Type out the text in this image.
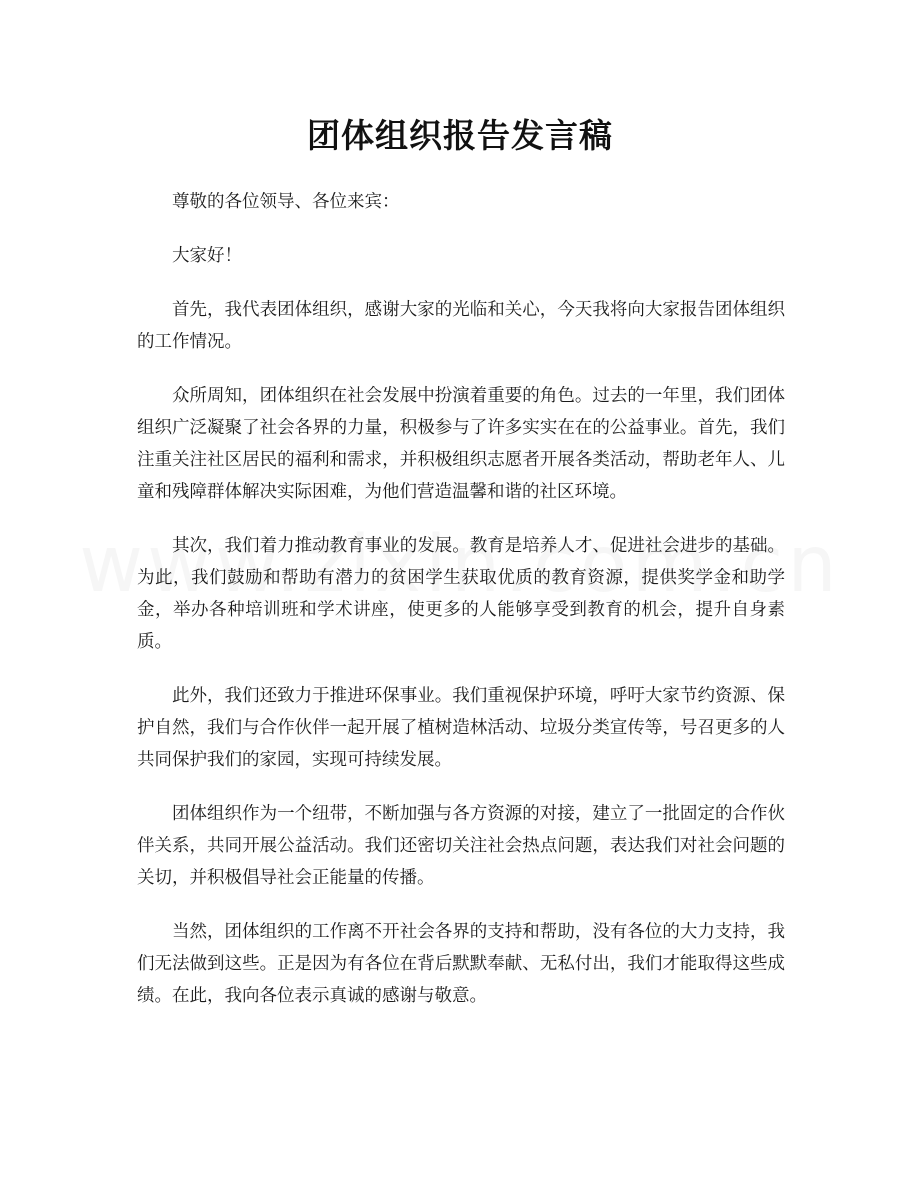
团体组织报告发言稿

尊敬的各位领导、各位来宾：

大家好！

首先，我代表团体组织，感谢大家的光临和关心，今天我将向大家报告团体组织的工作情况。

众所周知，团体组织在社会发展中扮演着重要的角色。过去的一年里，我们团体组织广泛凝聚了社会各界的力量，积极参与了许多实实在在的公益事业。首先，我们注重关注社区居民的福利和需求，并积极组织志愿者开展各类活动，帮助老年人、儿童和残障群体解决实际困难，为他们营造温馨和谐的社区环境。

其次，我们着力推动教育事业的发展。教育是培养人才、促进社会进步的基础。为此，我们鼓励和帮助有潜力的贫困学生获取优质的教育资源，提供奖学金和助学金，举办各种培训班和学术讲座，使更多的人能够享受到教育的机会，提升自身素质。

此外，我们还致力于推进环保事业。我们重视保护环境，呼吁大家节约资源、保护自然，我们与合作伙伴一起开展了植树造林活动、垃圾分类宣传等，号召更多的人共同保护我们的家园，实现可持续发展。

团体组织作为一个纽带，不断加强与各方资源的对接，建立了一批固定的合作伙伴关系，共同开展公益活动。我们还密切关注社会热点问题，表达我们对社会问题的关切，并积极倡导社会正能量的传播。

当然，团体组织的工作离不开社会各界的支持和帮助，没有各位的大力支持，我们无法做到这些。正是因为有各位在背后默默奉献、无私付出，我们才能取得这些成绩。在此，我向各位表示真诚的感谢与敬意。
